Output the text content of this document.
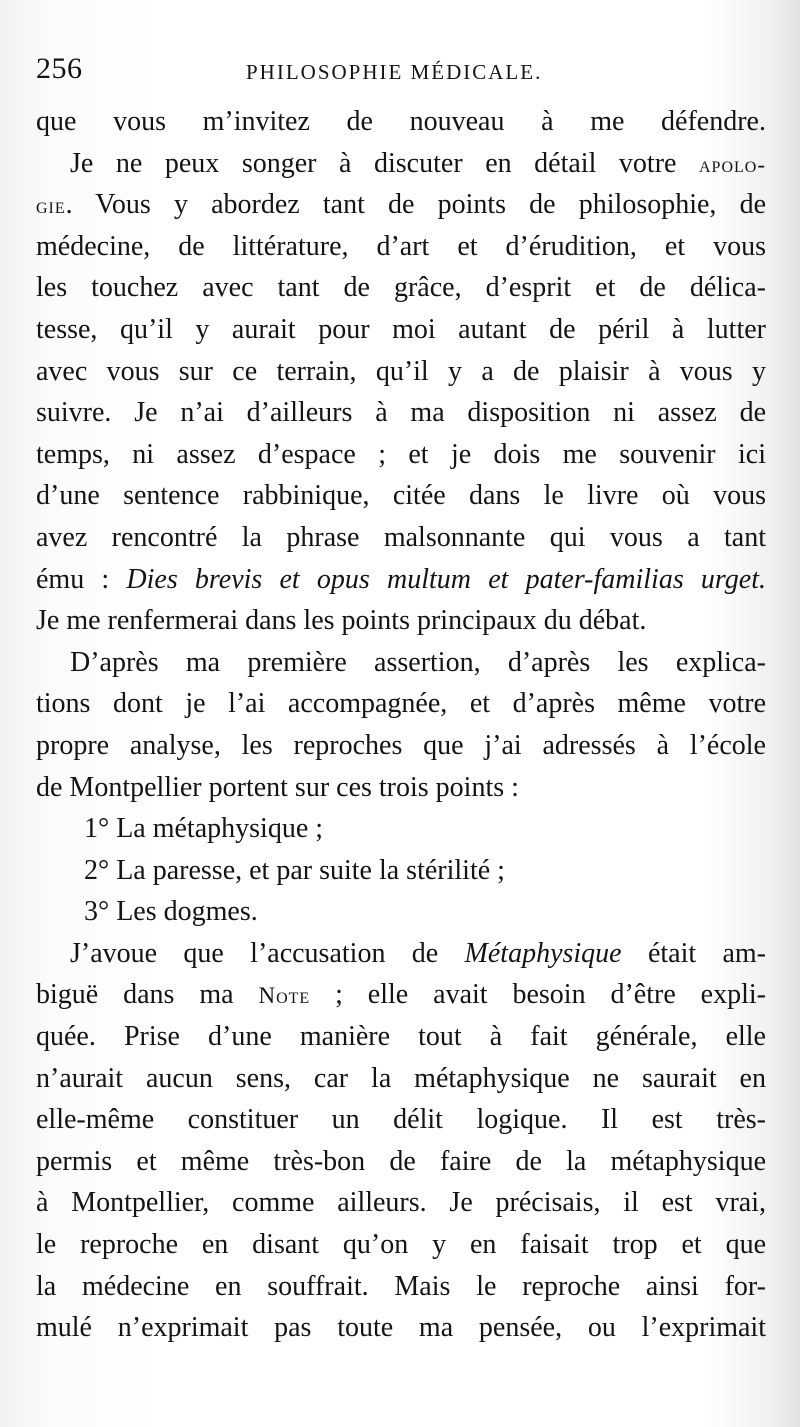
256	PHILOSOPHIE MÉDICALE.
que vous m’invitez de nouveau à me défendre.
Je ne peux songer à discuter en détail votre apolo-
gie. Vous y abordez tant de points de philosophie, de
médecine, de littérature, d’art et d’érudition, et vous
les touchez avec tant de grâce, d’esprit et de délica-
tesse, qu’il y aurait pour moi autant de péril à lutter
avec vous sur ce terrain, qu’il y a de plaisir à vous y
suivre. Je n’ai d’ailleurs à ma disposition ni assez de
temps, ni assez d’espace ; et je dois me souvenir ici
d’une sentence rabbinique, citée dans le livre où vous
avez rencontré la phrase malsonnante qui vous a tant
ému : Dies brevis et opus multum et pater-familias urget.
Je me renfermerai dans les points principaux du débat.
D’après ma première assertion, d’après les explica-
tions dont je l’ai accompagnée, et d’après même votre
propre analyse, les reproches que j’ai adressés à l’école
de Montpellier portent sur ces trois points :
1° La métaphysique ;
2° La paresse, et par suite la stérilité ;
3° Les dogmes.
J’avoue que l’accusation de Métaphysique était am-
biguë dans ma Note ; elle avait besoin d’être expli-
quée. Prise d’une manière tout à fait générale, elle
n’aurait aucun sens, car la métaphysique ne saurait en
elle-même constituer un délit logique. Il est très-
permis et même très-bon de faire de la métaphysique
à Montpellier, comme ailleurs. Je précisais, il est vrai,
le reproche en disant qu’on y en faisait trop et que
la médecine en souffrait. Mais le reproche ainsi for-
mulé n’exprimait pas toute ma pensée, ou l’exprimait
